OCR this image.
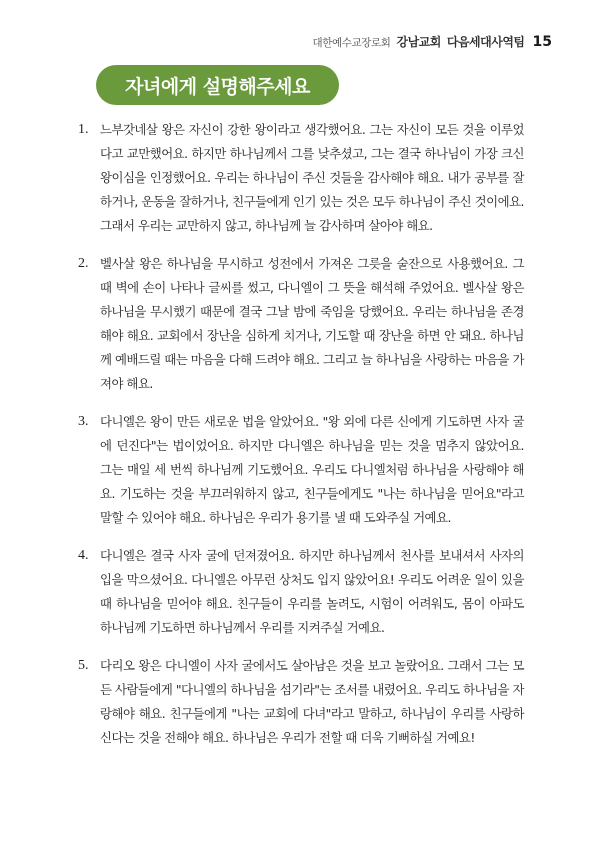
대한예수교장로회 강남교회 다음세대사역팀 15
자녀에게 설명해주세요
1. 느부갓네살 왕은 자신이 강한 왕이라고 생각했어요. 그는 자신이 모든 것을 이루었다고 교만했어요. 하지만 하나님께서 그를 낮추셨고, 그는 결국 하나님이 가장 크신 왕이심을 인정했어요. 우리는 하나님이 주신 것들을 감사해야 해요. 내가 공부를 잘하거나, 운동을 잘하거나, 친구들에게 인기 있는 것은 모두 하나님이 주신 것이에요. 그래서 우리는 교만하지 않고, 하나님께 늘 감사하며 살아야 해요.

2. 벨사살 왕은 하나님을 무시하고 성전에서 가져온 그릇을 술잔으로 사용했어요. 그때 벽에 손이 나타나 글씨를 썼고, 다니엘이 그 뜻을 해석해 주었어요. 벨사살 왕은 하나님을 무시했기 때문에 결국 그날 밤에 죽임을 당했어요. 우리는 하나님을 존경해야 해요. 교회에서 장난을 심하게 치거나, 기도할 때 장난을 하면 안 돼요. 하나님께 예배드릴 때는 마음을 다해 드려야 해요. 그리고 늘 하나님을 사랑하는 마음을 가져야 해요.

3. 다니엘은 왕이 만든 새로운 법을 알았어요. "왕 외에 다른 신에게 기도하면 사자 굴에 던진다"는 법이었어요. 하지만 다니엘은 하나님을 믿는 것을 멈추지 않았어요. 그는 매일 세 번씩 하나님께 기도했어요. 우리도 다니엘처럼 하나님을 사랑해야 해요. 기도하는 것을 부끄러워하지 않고, 친구들에게도 "나는 하나님을 믿어요"라고 말할 수 있어야 해요. 하나님은 우리가 용기를 낼 때 도와주실 거예요.

4. 다니엘은 결국 사자 굴에 던져졌어요. 하지만 하나님께서 천사를 보내셔서 사자의 입을 막으셨어요. 다니엘은 아무런 상처도 입지 않았어요! 우리도 어려운 일이 있을 때 하나님을 믿어야 해요. 친구들이 우리를 놀려도, 시험이 어려워도, 몸이 아파도 하나님께 기도하면 하나님께서 우리를 지켜주실 거예요.

5. 다리오 왕은 다니엘이 사자 굴에서도 살아남은 것을 보고 놀랐어요. 그래서 그는 모든 사람들에게 "다니엘의 하나님을 섬기라"는 조서를 내렸어요. 우리도 하나님을 자랑해야 해요. 친구들에게 "나는 교회에 다녀"라고 말하고, 하나님이 우리를 사랑하신다는 것을 전해야 해요. 하나님은 우리가 전할 때 더욱 기뻐하실 거예요!
